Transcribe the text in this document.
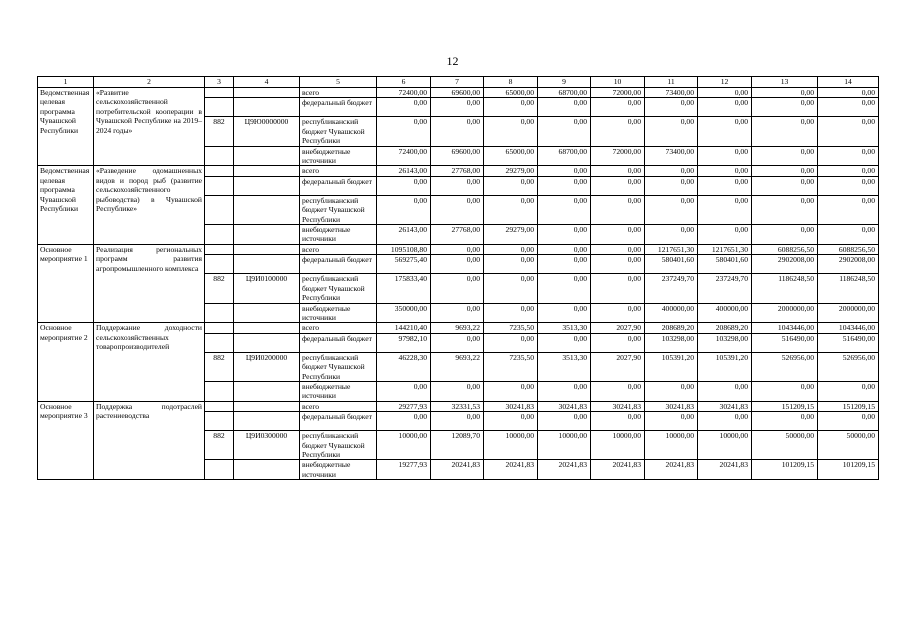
12
1	2	3	4	5	6	7	8	9	10	11	12	13	14
Ведомственная целевая программа Чувашской Республики	«Развитие сельскохозяйственной потребительской кооперации в Чувашской Республике на 2019–2024 годы»			всего	72400,00	69600,00	65000,00	68700,00	72000,00	73400,00	0,00	0,00	0,00
				федеральный бюджет	0,00	0,00	0,00	0,00	0,00	0,00	0,00	0,00	0,00
		882	Ц9Ю0000000	республиканский бюджет Чувашской Республики	0,00	0,00	0,00	0,00	0,00	0,00	0,00	0,00	0,00
				внебюджетные источники	72400,00	69600,00	65000,00	68700,00	72000,00	73400,00	0,00	0,00	0,00
Ведомственная целевая программа Чувашской Республики	«Разведение одомашненных видов и пород рыб (развитие сельскохозяйственного рыбоводства) в Чувашской Республике»			всего	26143,00	27768,00	29279,00	0,00	0,00	0,00	0,00	0,00	0,00
				федеральный бюджет	0,00	0,00	0,00	0,00	0,00	0,00	0,00	0,00	0,00
				республиканский бюджет Чувашской Республики	0,00	0,00	0,00	0,00	0,00	0,00	0,00	0,00	0,00
				внебюджетные источники	26143,00	27768,00	29279,00	0,00	0,00	0,00	0,00	0,00	0,00
Основное мероприятие 1	Реализация региональных программ развития агропромышленного комплекса			всего	1095108,80	0,00	0,00	0,00	0,00	1217651,30	1217651,30	6088256,50	6088256,50
				федеральный бюджет	569275,40	0,00	0,00	0,00	0,00	580401,60	580401,60	2902008,00	2902008,00
		882	Ц9И0100000	республиканский бюджет Чувашской Республики	175833,40	0,00	0,00	0,00	0,00	237249,70	237249,70	1186248,50	1186248,50
				внебюджетные источники	350000,00	0,00	0,00	0,00	0,00	400000,00	400000,00	2000000,00	2000000,00
Основное мероприятие 2	Поддержание доходности сельскохозяйственных товаропроизводителей			всего	144210,40	9693,22	7235,50	3513,30	2027,90	208689,20	208689,20	1043446,00	1043446,00
				федеральный бюджет	97982,10	0,00	0,00	0,00	0,00	103298,00	103298,00	516490,00	516490,00
		882	Ц9И0200000	республиканский бюджет Чувашской Республики	46228,30	9693,22	7235,50	3513,30	2027,90	105391,20	105391,20	526956,00	526956,00
				внебюджетные источники	0,00	0,00	0,00	0,00	0,00	0,00	0,00	0,00	0,00
Основное мероприятие 3	Поддержка подотраслей растениеводства			всего	29277,93	32331,53	30241,83	30241,83	30241,83	30241,83	30241,83	151209,15	151209,15
				федеральный бюджет	0,00	0,00	0,00	0,00	0,00	0,00	0,00	0,00	0,00
		882	Ц9И0300000	республиканский бюджет Чувашской Республики	10000,00	12089,70	10000,00	10000,00	10000,00	10000,00	10000,00	50000,00	50000,00
				внебюджетные источники	19277,93	20241,83	20241,83	20241,83	20241,83	20241,83	20241,83	101209,15	101209,15
